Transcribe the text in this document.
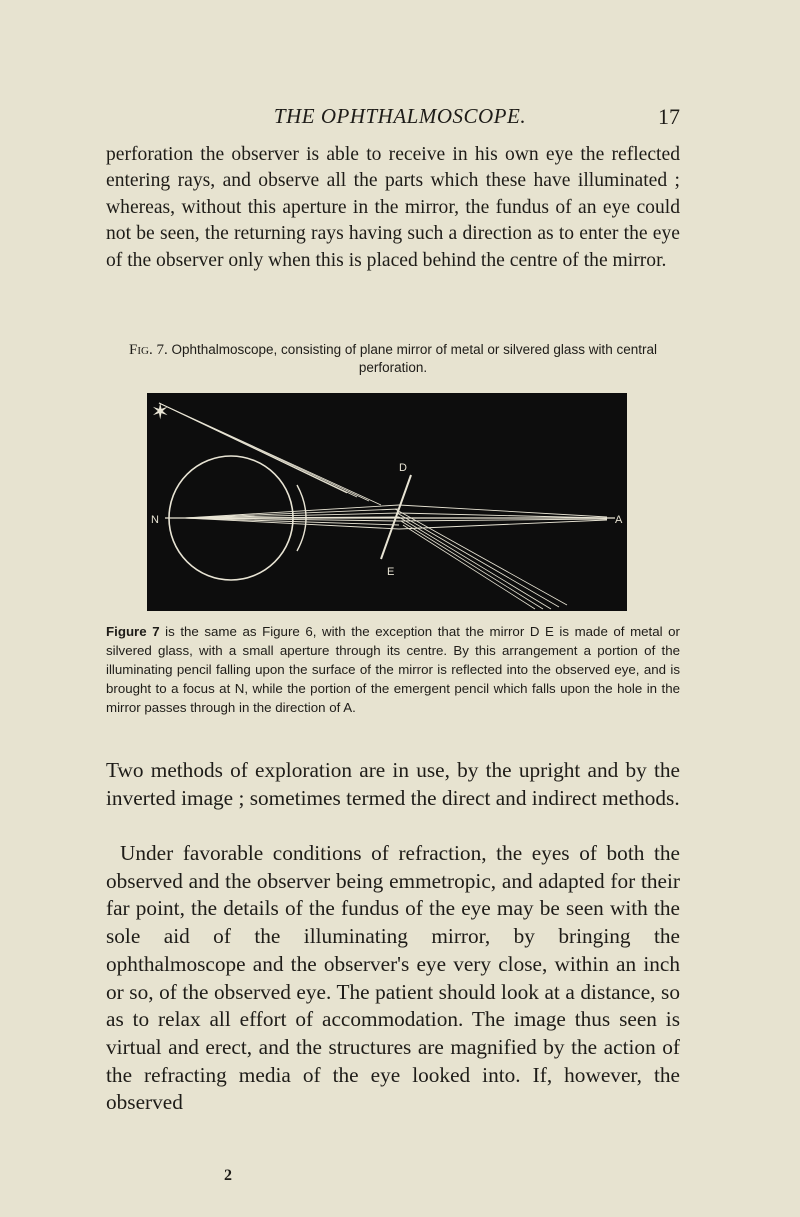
THE OPHTHALMOSCOPE.	17

perforation the observer is able to receive in his own eye the reflected entering rays, and observe all the parts which these have illuminated ; whereas, without this aperture in the mirror, the fundus of an eye could not be seen, the returning rays having such a direction as to enter the eye of the observer only when this is placed behind the centre of the mirror.

Fig. 7. Ophthalmoscope, consisting of plane mirror of metal or silvered glass with central perforation.
✶
N	A
D
E

Figure 7 is the same as Figure 6, with the exception that the mirror D E is made of metal or silvered glass, with a small aperture through its centre. By this arrangement a portion of the illuminating pencil falling upon the surface of the mirror is reflected into the observed eye, and is brought to a focus at N, while the portion of the emergent pencil which falls upon the hole in the mirror passes through in the direction of A.

Two methods of exploration are in use, by the upright and by the inverted image ; sometimes termed the direct and indirect methods.

Under favorable conditions of refraction, the eyes of both the observed and the observer being emmetropic, and adapted for their far point, the details of the fundus of the eye may be seen with the sole aid of the illuminating mirror, by bringing the ophthalmoscope and the observer's eye very close, within an inch or so, of the observed eye. The patient should look at a distance, so as to relax all effort of accommodation. The image thus seen is virtual and erect, and the structures are magnified by the action of the refracting media of the eye looked into. If, however, the observed

2
